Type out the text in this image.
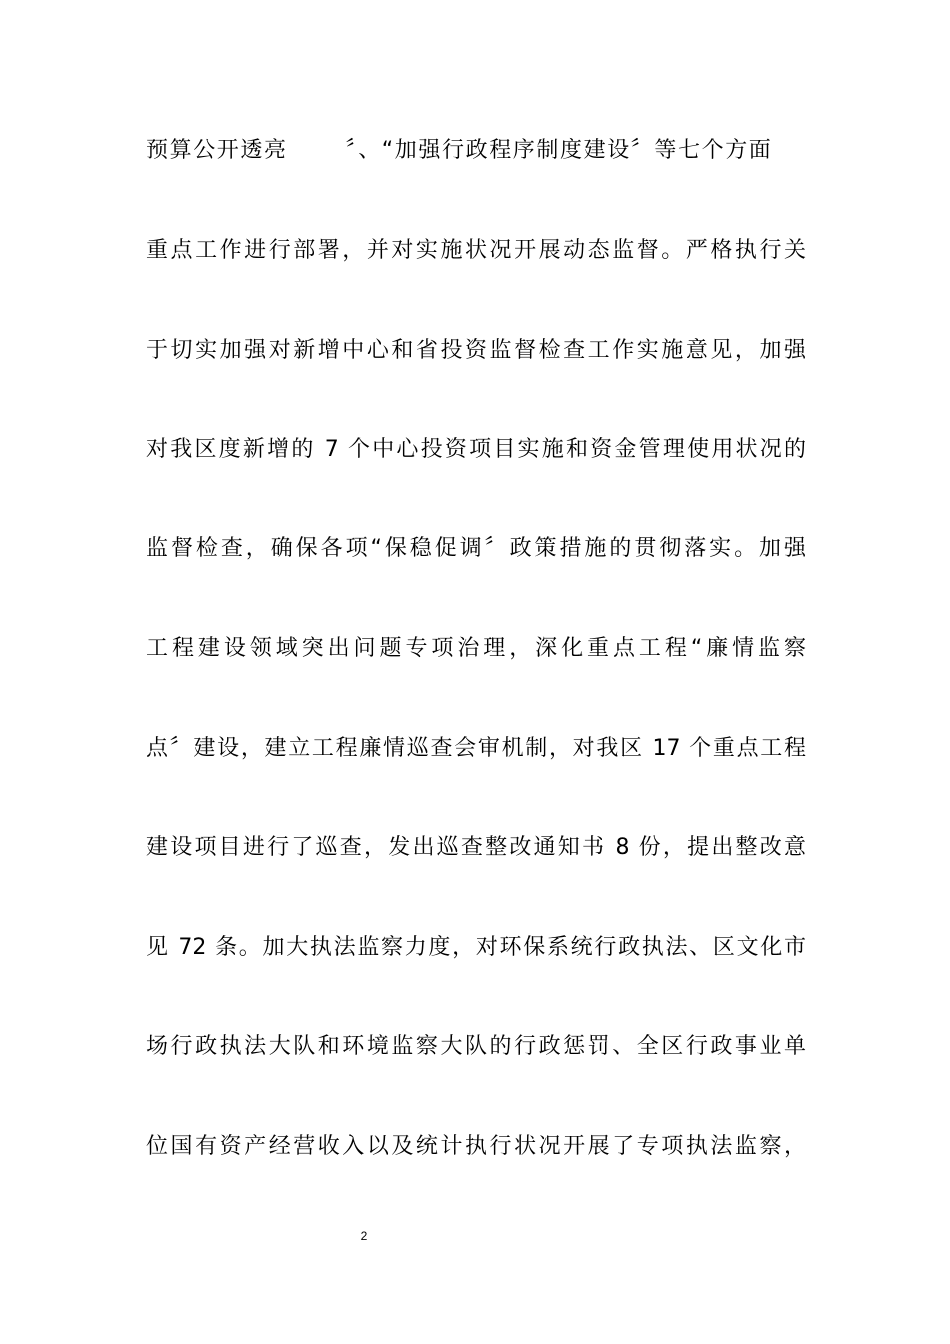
预算公开透亮	〞、“加强行政程序制度建设〞等七个方面
重点工作进行部署，并对实施状况开展动态监督。严格执行关
于切实加强对新增中心和省投资监督检查工作实施意见，加强
对我区度新增的 7 个中心投资项目实施和资金管理使用状况的
监督检查，确保各项“保稳促调〞政策措施的贯彻落实。加强
工程建设领域突出问题专项治理，深化重点工程“廉情监察
点〞建设，建立工程廉情巡查会审机制，对我区 17 个重点工程
建设项目进行了巡查，发出巡查整改通知书 8 份，提出整改意
见 72 条。加大执法监察力度，对环保系统行政执法、区文化市
场行政执法大队和环境监察大队的行政惩罚、全区行政事业单
位国有资产经营收入以及统计执行状况开展了专项执法监察，
2
